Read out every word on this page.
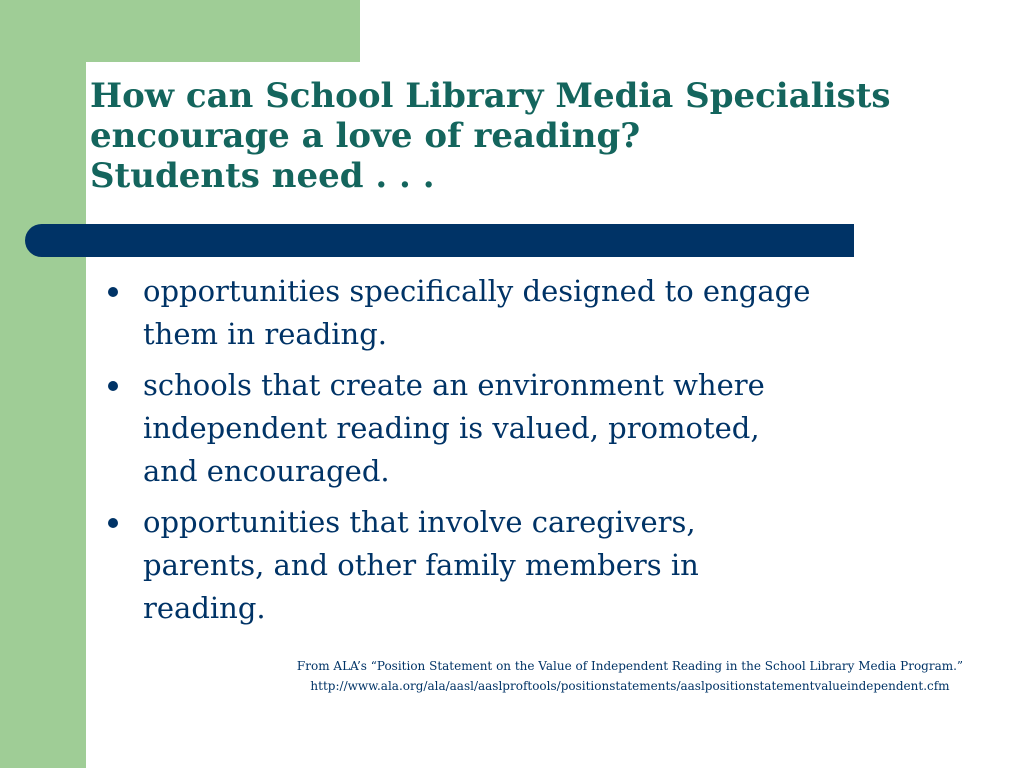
How can School Library Media Specialists
encourage a love of reading?
Students need . . .
opportunities specifically designed to engage
them in reading.
schools that create an environment where
independent reading is valued, promoted,
and encouraged.
opportunities that involve caregivers,
parents, and other family members in
reading.
From ALA’s “Position Statement on the Value of Independent Reading in the School Library Media Program.”
http://www.ala.org/ala/aasl/aaslproftools/positionstatements/aaslpositionstatementvalueindependent.cfm
